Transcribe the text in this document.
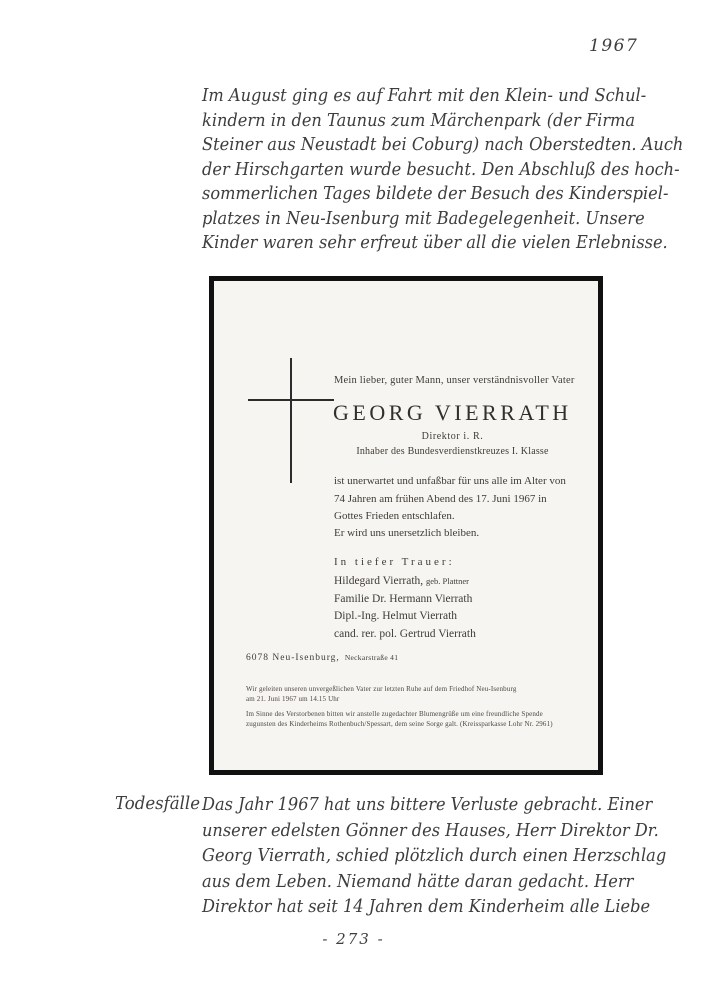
1967
Im August ging es auf Fahrt mit den Klein- und Schul-
kindern in den Taunus zum Märchenpark (der Firma
Steiner aus Neustadt bei Coburg) nach Oberstedten. Auch
der Hirschgarten wurde besucht. Den Abschluß des hoch-
sommerlichen Tages bildete der Besuch des Kinderspiel-
platzes in Neu-Isenburg mit Badegelegenheit. Unsere
Kinder waren sehr erfreut über all die vielen Erlebnisse.
Mein lieber, guter Mann, unser verständnisvoller Vater
GEORG VIERRATH
Direktor i. R.
Inhaber des Bundesverdienstkreuzes I. Klasse
ist unerwartet und unfaßbar für uns alle im Alter von
74 Jahren am frühen Abend des 17. Juni 1967 in
Gottes Frieden entschlafen.
Er wird uns unersetzlich bleiben.
In tiefer Trauer:
Hildegard Vierrath, geb. Plattner
Familie Dr. Hermann Vierrath
Dipl.-Ing. Helmut Vierrath
cand. rer. pol. Gertrud Vierrath
6078 Neu-Isenburg, Neckarstraße 41
Wir geleiten unseren unvergeßlichen Vater zur letzten Ruhe auf dem Friedhof Neu-Isenburg
am 21. Juni 1967 um 14.15 Uhr
Im Sinne des Verstorbenen bitten wir anstelle zugedachter Blumengrüße um eine freundliche Spende
zugunsten des Kinderheims Rothenbuch/Spessart, dem seine Sorge galt. (Kreissparkasse Lohr Nr. 2961)
Todesfälle Das Jahr 1967 hat uns bittere Verluste gebracht. Einer
unserer edelsten Gönner des Hauses, Herr Direktor Dr.
Georg Vierrath, schied plötzlich durch einen Herzschlag
aus dem Leben. Niemand hätte daran gedacht. Herr
Direktor hat seit 14 Jahren dem Kinderheim alle Liebe
- 273 -
